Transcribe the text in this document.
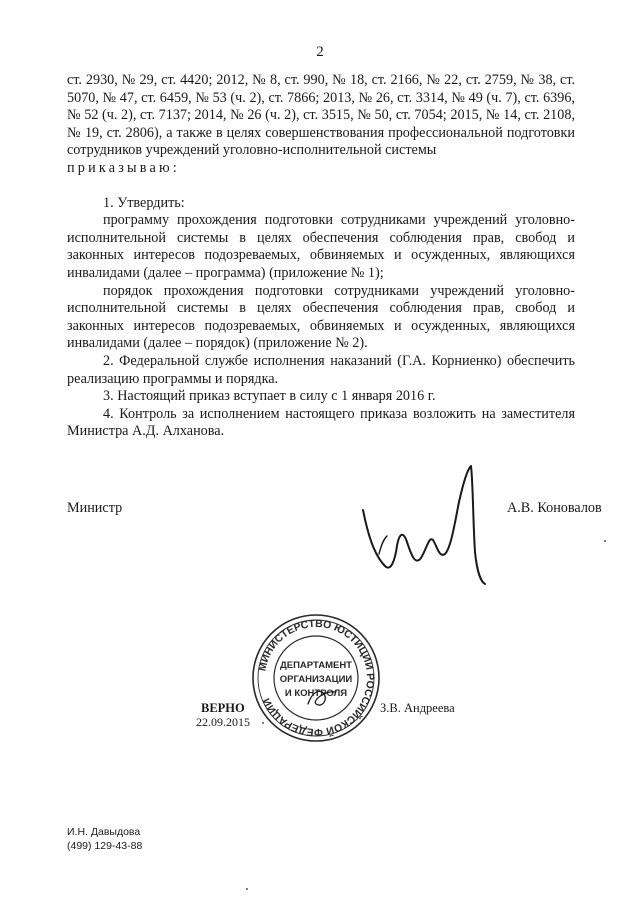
2

ст. 2930, № 29, ст. 4420; 2012, № 8, ст. 990, № 18, ст. 2166, № 22, ст. 2759, № 38, ст. 5070, № 47, ст. 6459, № 53 (ч. 2), ст. 7866; 2013, № 26, ст. 3314, № 49 (ч. 7), ст. 6396, № 52 (ч. 2), ст. 7137; 2014, № 26 (ч. 2), ст. 3515, № 50, ст. 7054; 2015, № 14, ст. 2108, № 19, ст. 2806), а также в целях совершенствования профессиональной подготовки сотрудников учреждений уголовно-исполнительной системы

приказываю:

1. Утвердить:

программу прохождения подготовки сотрудниками учреждений уголовно-исполнительной системы в целях обеспечения соблюдения прав, свобод и законных интересов подозреваемых, обвиняемых и осужденных, являющихся инвалидами (далее – программа) (приложение № 1);

порядок прохождения подготовки сотрудниками учреждений уголовно-исполнительной системы в целях обеспечения соблюдения прав, свобод и законных интересов подозреваемых, обвиняемых и осужденных, являющихся инвалидами (далее – порядок) (приложение № 2).

2. Федеральной службе исполнения наказаний (Г.А. Корниенко) обеспечить реализацию программы и порядка.

3. Настоящий приказ вступает в силу с 1 января 2016 г.

4. Контроль за исполнением настоящего приказа возложить на заместителя Министра А.Д. Алханова.

Министр	А.В. Коновалов
МИНИСТЕРСТВО ЮСТИЦИИ РОССИЙСКОЙ ФЕДЕРАЦИИ
ДЕПАРТАМЕНТ
ОРГАНИЗАЦИИ
И КОНТРОЛЯ
ВЕРНО
22.09.2015
З.В. Андреева
И.Н. Давыдова
(499) 129-43-88
